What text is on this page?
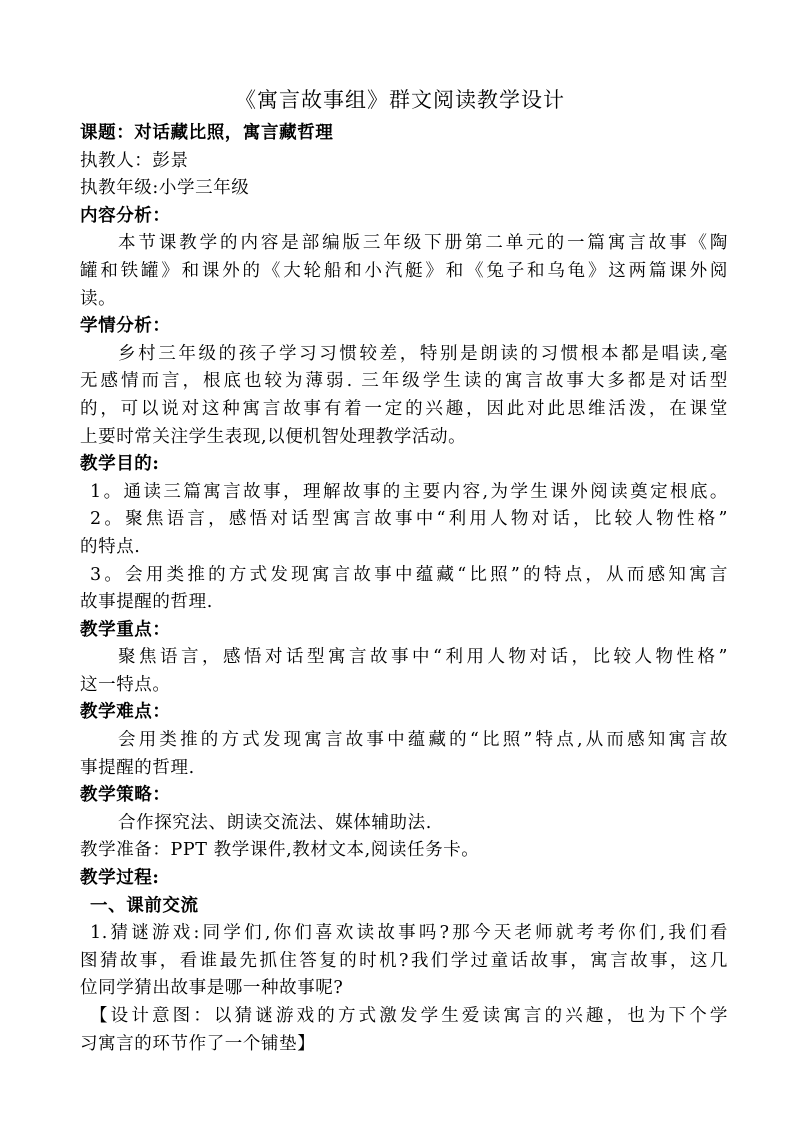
《寓言故事组》群文阅读教学设计
课题：对话藏比照，寓言藏哲理
执教人：彭景
执教年级:小学三年级
内容分析：
本节课教学的内容是部编版三年级下册第二单元的一篇寓言故事《陶
罐和铁罐》和课外的《大轮船和小汽艇》和《兔子和乌龟》这两篇课外阅
读。
学情分析：
乡村三年级的孩子学习习惯较差，特别是朗读的习惯根本都是唱读,毫
无感情而言，根底也较为薄弱. 三年级学生读的寓言故事大多都是对话型
的，可以说对这种寓言故事有着一定的兴趣，因此对此思维活泼，在课堂
上要时常关注学生表现,以便机智处理教学活动。
教学目的:
1。通读三篇寓言故事，理解故事的主要内容,为学生课外阅读奠定根底。
2。聚焦语言，感悟对话型寓言故事中“利用人物对话，比较人物性格”
的特点.
3。会用类推的方式发现寓言故事中蕴藏“比照”的特点，从而感知寓言
故事提醒的哲理.
教学重点：
聚焦语言，感悟对话型寓言故事中“利用人物对话，比较人物性格”
这一特点。
教学难点：
会用类推的方式发现寓言故事中蕴藏的“比照”特点,从而感知寓言故
事提醒的哲理.
教学策略：
合作探究法、朗读交流法、媒体辅助法.
教学准备：PPT 教学课件,教材文本,阅读任务卡。
教学过程:
一、课前交流
1.猜谜游戏:同学们,你们喜欢读故事吗?那今天老师就考考你们,我们看
图猜故事，看谁最先抓住答复的时机?我们学过童话故事，寓言故事，这几
位同学猜出故事是哪一种故事呢?
【设计意图：以猜谜游戏的方式激发学生爱读寓言的兴趣，也为下个学
习寓言的环节作了一个铺垫】
